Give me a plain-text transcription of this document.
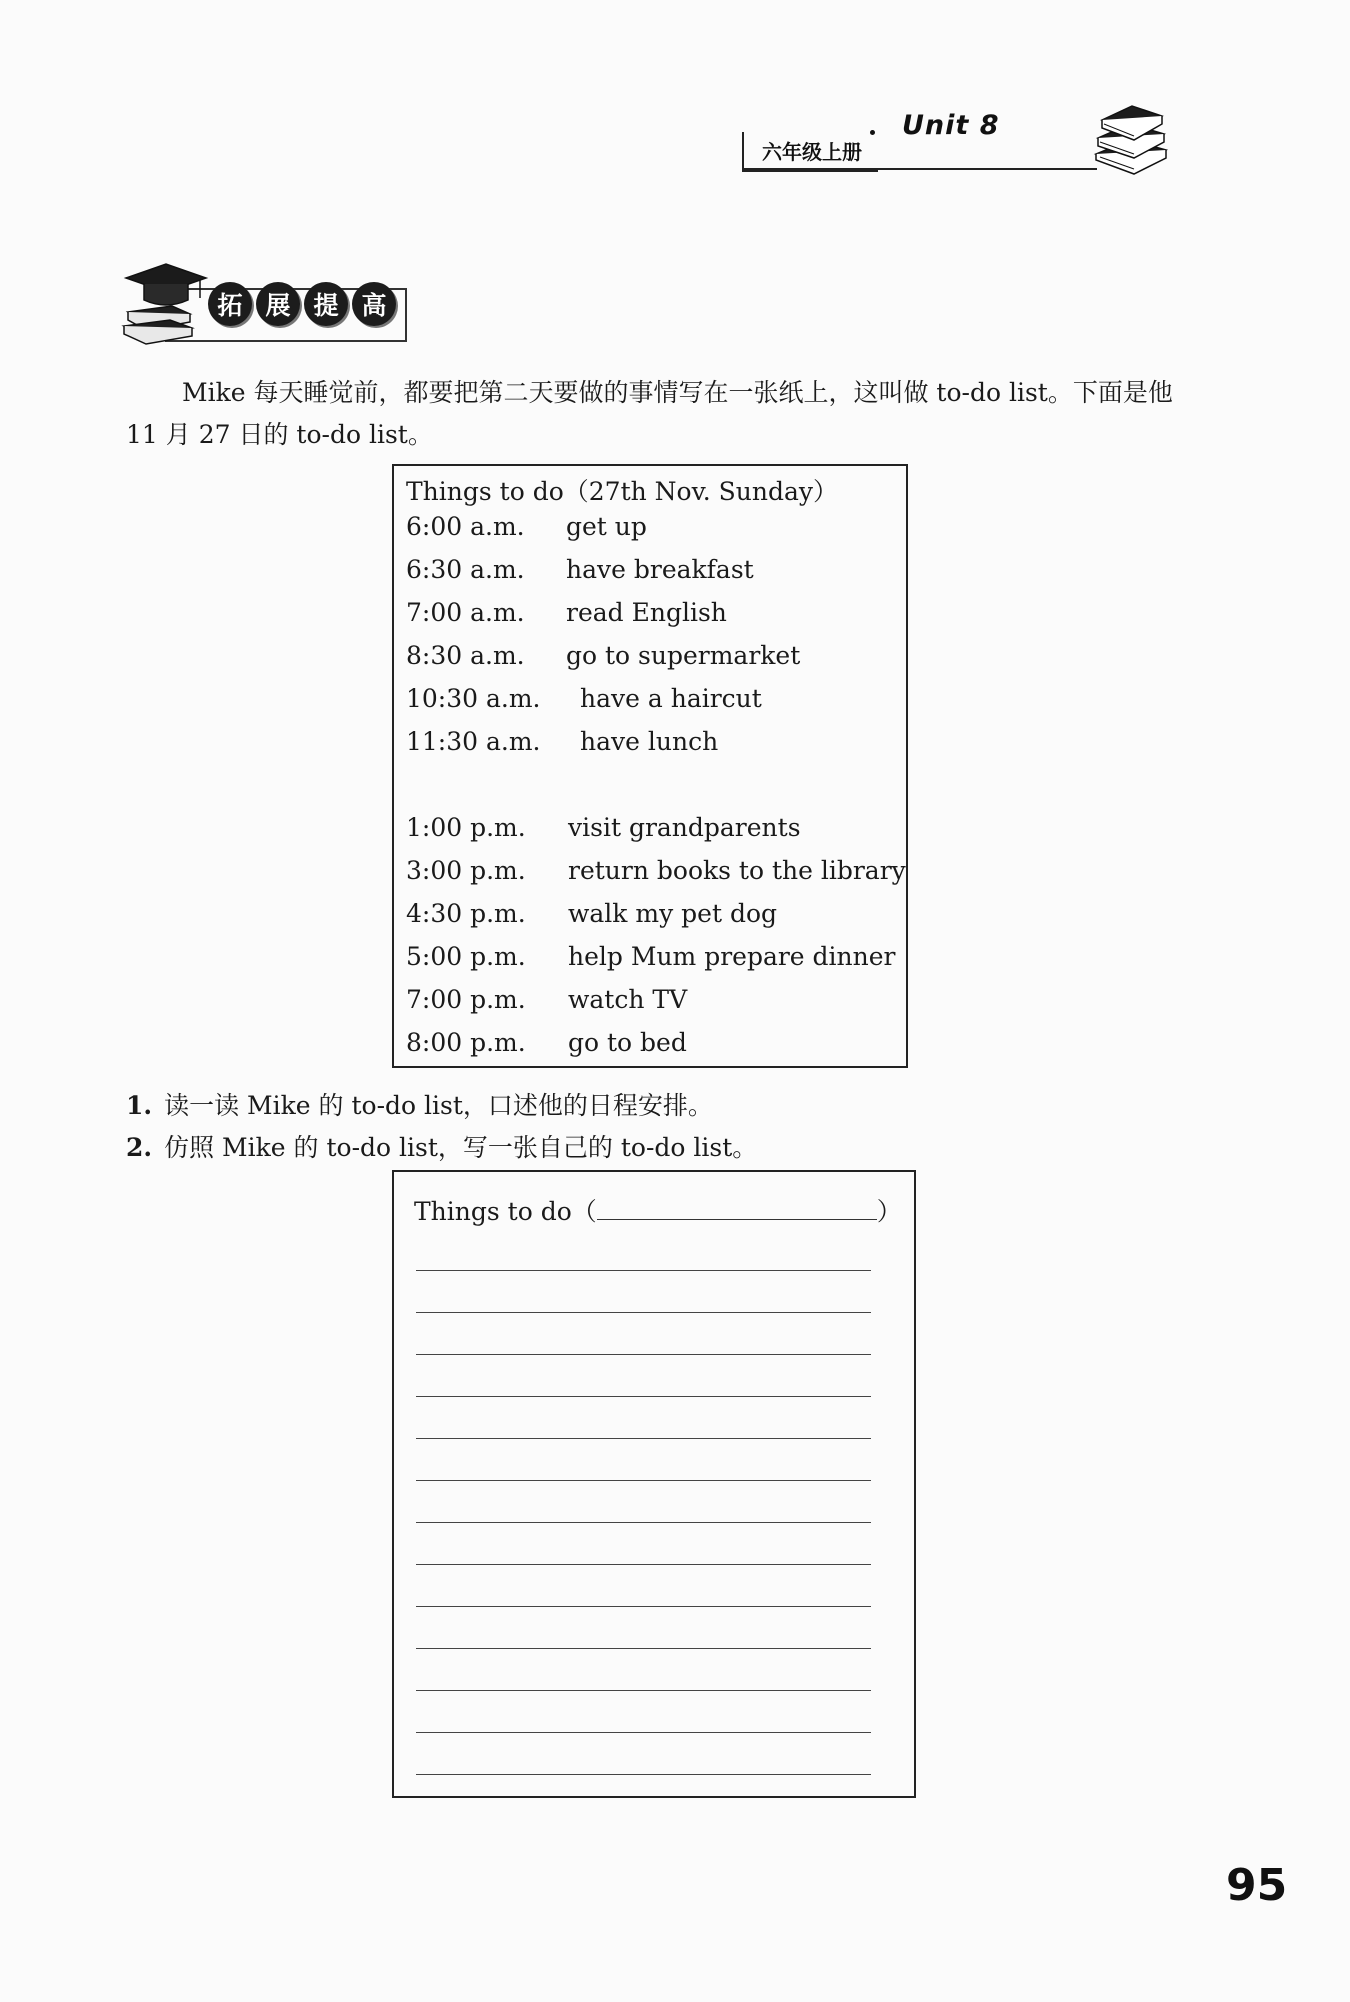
六年级上册
Unit 8
拓 展 提 高
Mike 每天睡觉前，都要把第二天要做的事情写在一张纸上，这叫做 to-do list。下面是他 11 月 27 日的 to-do list。
Things to do（27th Nov. Sunday）
6:00 a.m. get up
6:30 a.m. have breakfast
7:00 a.m. read English
8:30 a.m. go to supermarket
10:30 a.m. have a haircut
11:30 a.m. have lunch
1:00 p.m. visit grandparents
3:00 p.m. return books to the library
4:30 p.m. walk my pet dog
5:00 p.m. help Mum prepare dinner
7:00 p.m. watch TV
8:00 p.m. go to bed
1. 读一读 Mike 的 to-do list，口述他的日程安排。
2. 仿照 Mike 的 to-do list，写一张自己的 to-do list。
Things to do（	）
95
